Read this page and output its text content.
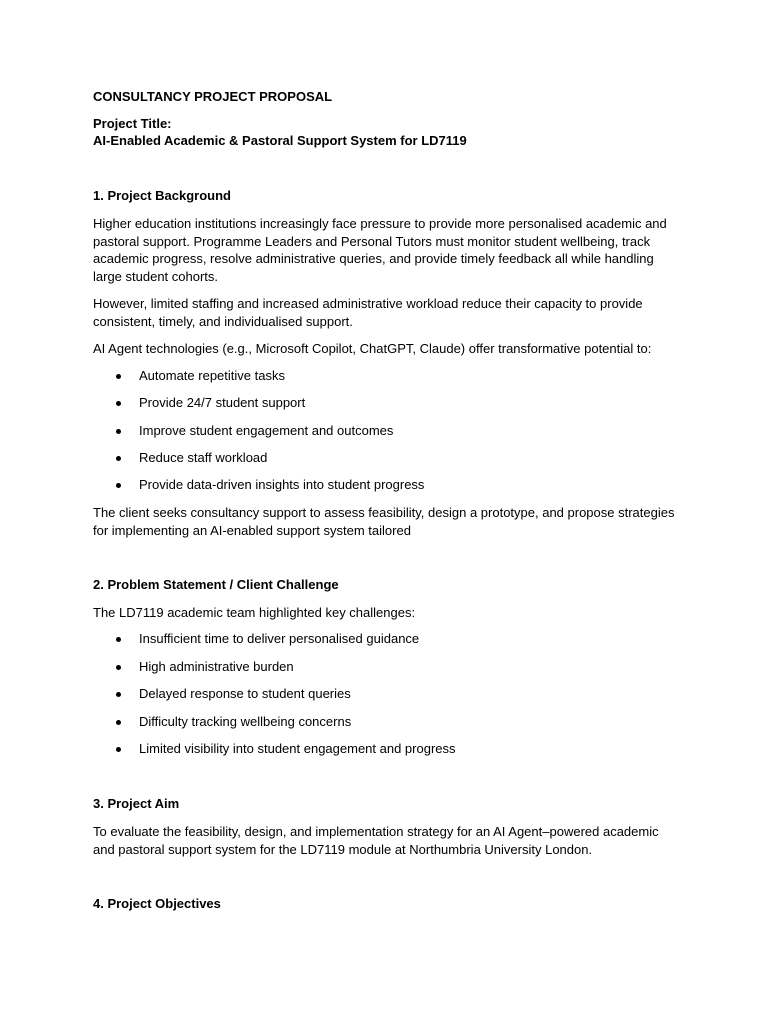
CONSULTANCY PROJECT PROPOSAL

Project Title:

AI-Enabled Academic & Pastoral Support System for LD7119

1. Project Background

Higher education institutions increasingly face pressure to provide more personalised academic and pastoral support. Programme Leaders and Personal Tutors must monitor student wellbeing, track academic progress, resolve administrative queries, and provide timely feedback all while handling large student cohorts.

However, limited staffing and increased administrative workload reduce their capacity to provide consistent, timely, and individualised support.

AI Agent technologies (e.g., Microsoft Copilot, ChatGPT, Claude) offer transformative potential to:

Automate repetitive tasks

Provide 24/7 student support

Improve student engagement and outcomes

Reduce staff workload

Provide data-driven insights into student progress

The client seeks consultancy support to assess feasibility, design a prototype, and propose strategies for implementing an AI-enabled support system tailored

2. Problem Statement / Client Challenge

The LD7119 academic team highlighted key challenges:

Insufficient time to deliver personalised guidance

High administrative burden

Delayed response to student queries

Difficulty tracking wellbeing concerns

Limited visibility into student engagement and progress

3. Project Aim

To evaluate the feasibility, design, and implementation strategy for an AI Agent–powered academic and pastoral support system for the LD7119 module at Northumbria University London.

4. Project Objectives
